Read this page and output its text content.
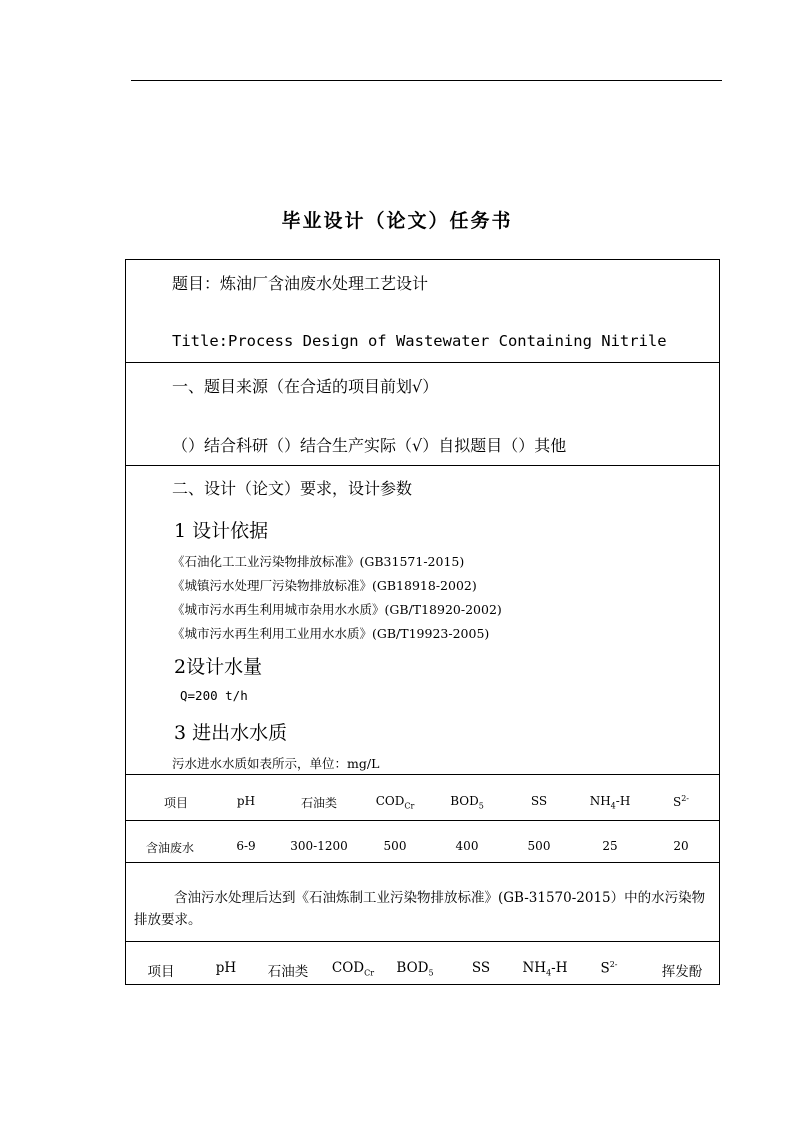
毕业设计（论文）任务书
题目：炼油厂含油废水处理工艺设计
Title:Process Design of Wastewater Containing Nitrile
一、题目来源（在合适的项目前划√）
（）结合科研（）结合生产实际（√）自拟题目（）其他
二、设计（论文）要求，设计参数
1 设计依据
《石油化工工业污染物排放标准》(GB31571-2015)
《城镇污水处理厂污染物排放标准》(GB18918-2002)
《城市污水再生利用城市杂用水水质》(GB/T18920-2002)
《城市污水再生利用工业用水水质》(GB/T19923-2005)
2设计水量
Q=200 t/h
3 进出水水质
污水进水水质如表所示，单位：mg/L
项目	pH	石油类	$COD_{Cr}$	$BOD_5$	SS	$NH_4-H$	$S^{2-}$
含油废水	6-9	300-1200	500	400	500	25	20
含油污水处理后达到《石油炼制工业污染物排放标准》(GB-31570-2015）中的水污染物排放要求。
项目	pH	石油类	$COD_{Cr}$	$BOD_5$	SS	$NH_4-H$	$S^{2-}$	挥发酚
